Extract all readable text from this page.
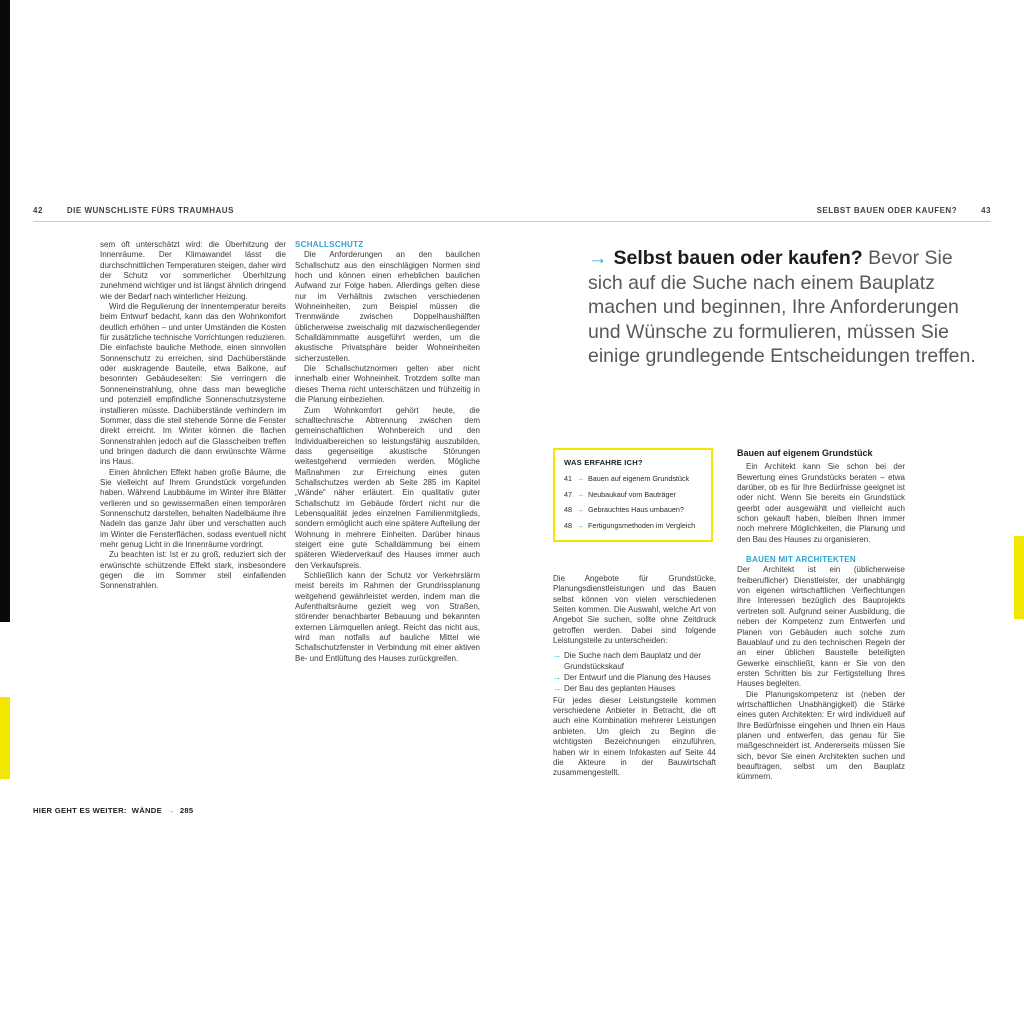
42	DIE WUNSCHLISTE FÜRS TRAUMHAUS	SELBST BAUEN ODER KAUFEN?	43

sem oft unterschätzt wird: die Überhitzung der Innenräume. Der Klimawandel lässt die durchschnittlichen Temperaturen steigen, daher wird der Schutz vor sommerlicher Überhitzung zunehmend wichtiger und ist längst ähnlich dringend wie der Bedarf nach winterlicher Heizung.

Wird die Regulierung der Innentemperatur bereits beim Entwurf bedacht, kann das den Wohnkomfort deutlich erhöhen – und unter Umständen die Kosten für zusätzliche technische Vorrichtungen reduzieren. Die einfachste bauliche Methode, einen sinnvollen Sonnenschutz zu erreichen, sind Dachüberstände oder auskragende Bauteile, etwa Balkone, auf besonnten Gebäudeseiten: Sie verringern die Sonneneinstrahlung, ohne dass man bewegliche und potenziell empfindliche Sonnenschutzsysteme installieren müsste. Dachüberstände verhindern im Sommer, dass die steil stehende Sonne die Fenster direkt erreicht. Im Winter können die flachen Sonnenstrahlen jedoch auf die Glasscheiben treffen und bringen dadurch die dann erwünschte Wärme ins Haus.

Einen ähnlichen Effekt haben große Bäume, die Sie vielleicht auf Ihrem Grundstück vorgefunden haben. Während Laubbäume im Winter ihre Blätter verlieren und so gewissermaßen einen temporären Sonnenschutz darstellen, behalten Nadelbäume ihre Nadeln das ganze Jahr über und verschatten auch im Winter die Fensterflächen, sodass eventuell nicht mehr genug Licht in die Innenräume vordringt.

Zu beachten ist: Ist er zu groß, reduziert sich der erwünschte schützende Effekt stark, insbesondere gegen die im Sommer steil einfallenden Sonnenstrahlen.

SCHALLSCHUTZ

Die Anforderungen an den baulichen Schallschutz aus den einschlägigen Normen sind hoch und können einen erheblichen baulichen Aufwand zur Folge haben. Allerdings gelten diese nur im Verhältnis zwischen verschiedenen Wohneinheiten, zum Beispiel müssen die Trennwände zwischen Doppelhaushälften üblicherweise zweischalig mit dazwischenliegender Schalldämmmatte ausgeführt werden, um die akustische Privatsphäre beider Wohneinheiten sicherzustellen.

Die Schallschutznormen gelten aber nicht innerhalb einer Wohneinheit. Trotzdem sollte man dieses Thema nicht unterschätzen und frühzeitig in die Planung einbeziehen.

Zum Wohnkomfort gehört heute, die schalltechnische Abtrennung zwischen dem gemeinschaftlichen Wohnbereich und den Individualbereichen so leistungsfähig auszubilden, dass gegenseitige akustische Störungen weitestgehend vermieden werden. Mögliche Maßnahmen zur Erreichung eines guten Schallschutzes werden ab Seite 285 im Kapitel „Wände“ näher erläutert. Ein qualitativ guter Schallschutz im Gebäude fördert nicht nur die Lebensqualität jedes einzelnen Familienmitglieds, sondern ermöglicht auch eine spätere Aufteilung der Wohnung in mehrere Einheiten. Darüber hinaus steigert eine gute Schalldämmung bei einem späteren Wiederverkauf des Hauses immer auch den Verkaufspreis.

Schließlich kann der Schutz vor Verkehrslärm meist bereits im Rahmen der Grundrissplanung weitgehend gewährleistet werden, indem man die Aufenthaltsräume gezielt weg von Straßen, störender benachbarter Bebauung und bekannten externen Lärmquellen anlegt. Reicht das nicht aus, wird man notfalls auf bauliche Mittel wie Schallschutzfenster in Verbindung mit einer aktiven Be- und Entlüftung des Hauses zurückgreifen.

→ Selbst bauen oder kaufen? Bevor Sie sich auf die Suche nach einem Bauplatz machen und beginnen, Ihre Anforderungen und Wünsche zu formulieren, müssen Sie einige grundlegende Entscheidungen treffen.

WAS ERFAHRE ICH?

41 → Bauen auf eigenem Grundstück
47 → Neubaukauf vom Bauträger
48 → Gebrauchtes Haus umbauen?
48 → Fertigungsmethoden im Vergleich

Die Angebote für Grundstücke, Planungsdienstleistungen und das Bauen selbst können von vielen verschiedenen Seiten kommen. Die Auswahl, welche Art von Angebot Sie suchen, sollte ohne Zeitdruck getroffen werden. Dabei sind folgende Leistungsteile zu unterscheiden:

→ Die Suche nach dem Bauplatz und der Grundstückskauf
→ Der Entwurf und die Planung des Hauses
→ Der Bau des geplanten Hauses

Für jedes dieser Leistungsteile kommen verschiedene Anbieter in Betracht, die oft auch eine Kombination mehrerer Leistungen anbieten. Um gleich zu Beginn die wichtigsten Bezeichnungen einzuführen, haben wir in einem Infokasten auf Seite 44 die Akteure in der Bauwirtschaft zusammengestellt.

Bauen auf eigenem Grundstück

Ein Architekt kann Sie schon bei der Bewertung eines Grundstücks beraten – etwa darüber, ob es für Ihre Bedürfnisse geeignet ist oder nicht. Wenn Sie bereits ein Grundstück geerbt oder ausgewählt und vielleicht auch schon gekauft haben, bleiben Ihnen immer noch mehrere Möglichkeiten, die Planung und den Bau des Hauses zu organisieren.

BAUEN MIT ARCHITEKTEN

Der Architekt ist ein (üblicherweise freiberuflicher) Dienstleister, der unabhängig von eigenen wirtschaftlichen Verflechtungen Ihre Interessen bezüglich des Bauprojekts vertreten soll. Aufgrund seiner Ausbildung, die neben der Kompetenz zum Entwerfen und Planen von Gebäuden auch solche zum Bauablauf und zu den technischen Regeln der an einer üblichen Baustelle beteiligten Gewerke einschließt, kann er Sie von den ersten Schritten bis zur Fertigstellung Ihres Hauses begleiten.

Die Planungskompetenz ist (neben der wirtschaftlichen Unabhängigkeit) die Stärke eines guten Architekten: Er wird individuell auf Ihre Bedürfnisse eingehen und Ihnen ein Haus planen und entwerfen, das genau für Sie maßgeschneidert ist. Andererseits müssen Sie sich, bevor Sie einen Architekten suchen und beauftragen, selbst um den Bauplatz kümmern.

HIER GEHT ES WEITER: WÄNDE → 285
